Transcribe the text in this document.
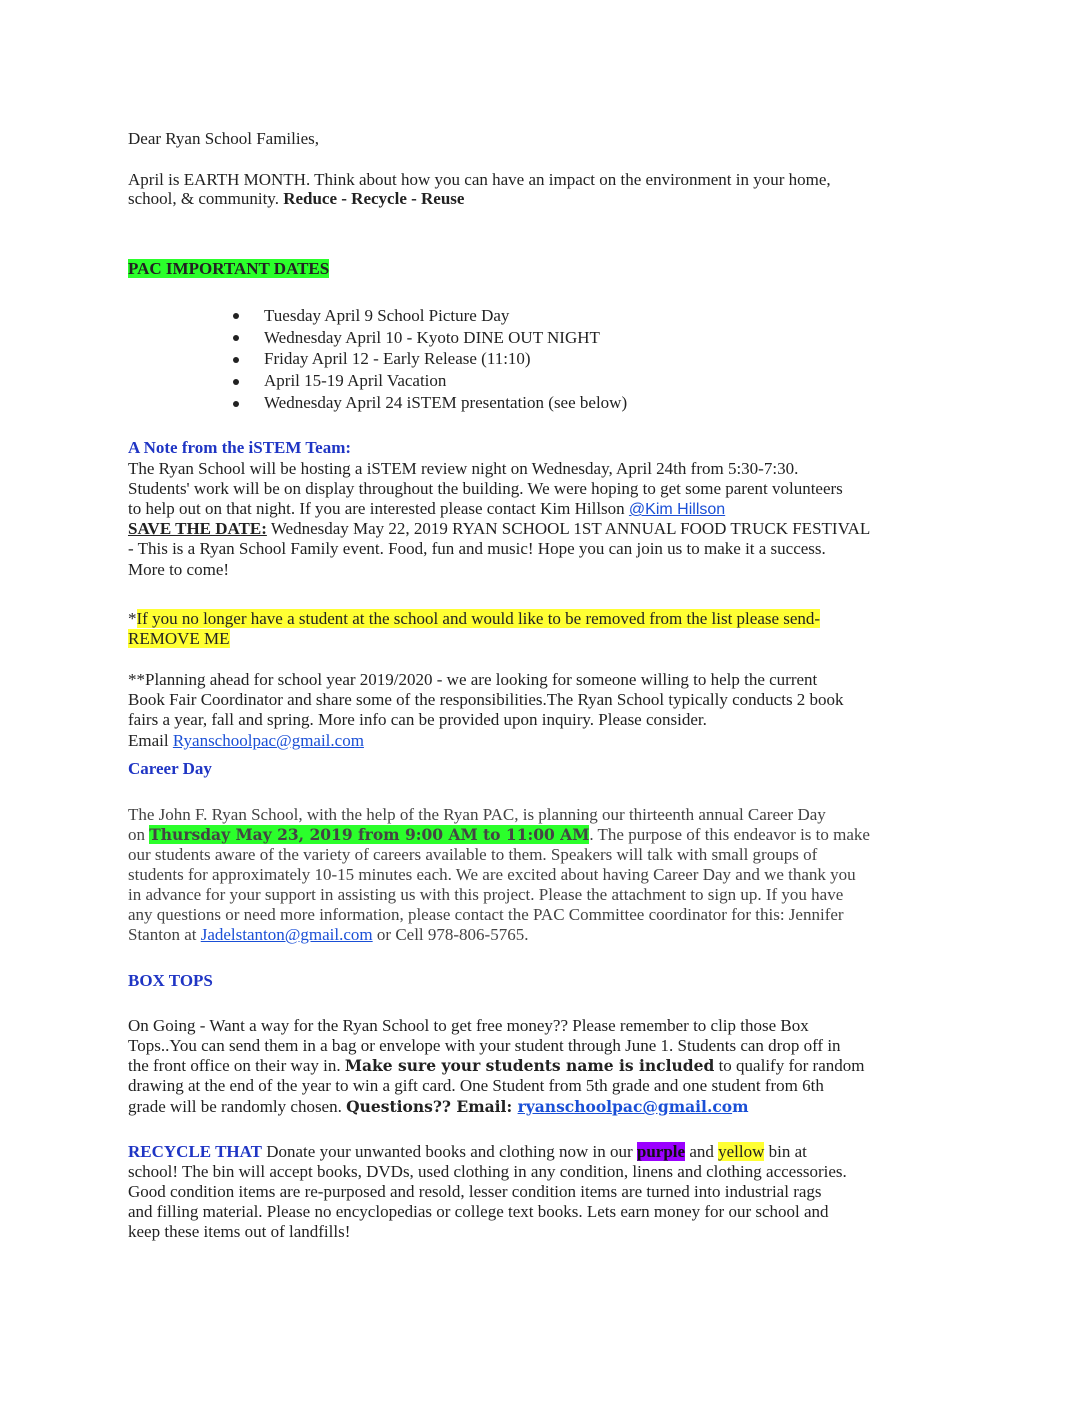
Dear Ryan School Families,
April is EARTH MONTH. Think about how you can have an impact on the environment in your home,
school, & community. Reduce - Recycle - Reuse
PAC IMPORTANT DATES
Tuesday April 9 School Picture Day
Wednesday April 10 - Kyoto DINE OUT NIGHT
Friday April 12 - Early Release (11:10)
April 15-19 April Vacation
Wednesday April 24 iSTEM presentation (see below)
A Note from the iSTEM Team:
The Ryan School will be hosting a iSTEM review night on Wednesday, April 24th from 5:30-7:30.
Students' work will be on display throughout the building. We were hoping to get some parent volunteers
to help out on that night. If you are interested please contact Kim Hillson @Kim Hillson
SAVE THE DATE: Wednesday May 22, 2019 RYAN SCHOOL 1ST ANNUAL FOOD TRUCK FESTIVAL
- This is a Ryan School Family event. Food, fun and music! Hope you can join us to make it a success.
More to come!
*If you no longer have a student at the school and would like to be removed from the list please send-
REMOVE ME
**Planning ahead for school year 2019/2020 - we are looking for someone willing to help the current
Book Fair Coordinator and share some of the responsibilities.The Ryan School typically conducts 2 book
fairs a year, fall and spring. More info can be provided upon inquiry. Please consider.
Email Ryanschoolpac@gmail.com
Career Day
The John F. Ryan School, with the help of the Ryan PAC, is planning our thirteenth annual Career Day
on Thursday May 23, 2019 from 9:00 AM to 11:00 AM. The purpose of this endeavor is to make
our students aware of the variety of careers available to them. Speakers will talk with small groups of
students for approximately 10-15 minutes each. We are excited about having Career Day and we thank you
in advance for your support in assisting us with this project. Please the attachment to sign up. If you have
any questions or need more information, please contact the PAC Committee coordinator for this: Jennifer
Stanton at Jadelstanton@gmail.com or Cell 978-806-5765.
BOX TOPS
On Going - Want a way for the Ryan School to get free money?? Please remember to clip those Box
Tops..You can send them in a bag or envelope with your student through June 1. Students can drop off in
the front office on their way in. Make sure your students name is included to qualify for random
drawing at the end of the year to win a gift card. One Student from 5th grade and one student from 6th
grade will be randomly chosen. Questions?? Email: ryanschoolpac@gmail.com
RECYCLE THAT Donate your unwanted books and clothing now in our purple and yellow bin at
school! The bin will accept books, DVDs, used clothing in any condition, linens and clothing accessories.
Good condition items are re-purposed and resold, lesser condition items are turned into industrial rags
and filling material. Please no encyclopedias or college text books. Lets earn money for our school and
keep these items out of landfills!
